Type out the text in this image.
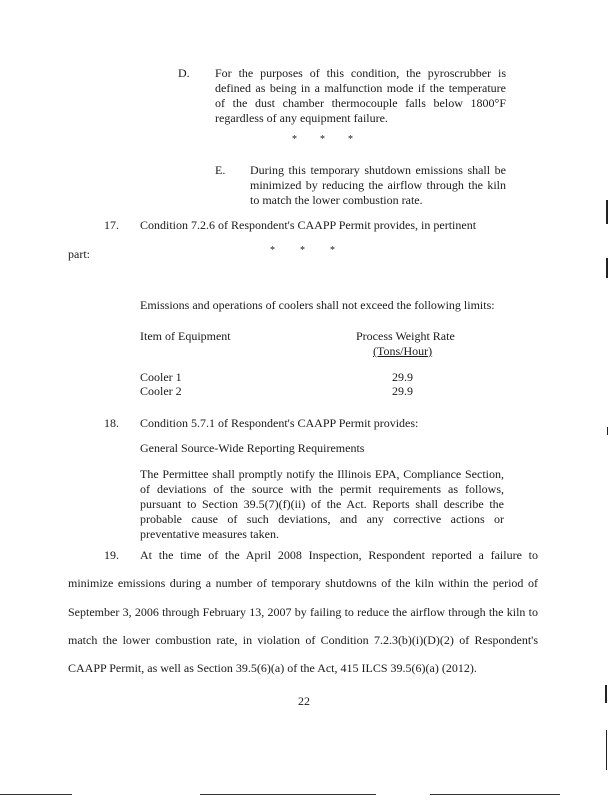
D. For the purposes of this condition, the pyroscrubber is defined as being in a malfunction mode if the temperature of the dust chamber thermocouple falls below 1800°F regardless of any equipment failure.
* * *
E. During this temporary shutdown emissions shall be minimized by reducing the airflow through the kiln to match the lower combustion rate.
17. Condition 7.2.6 of Respondent's CAAPP Permit provides, in pertinent
part:	*	*	*
Emissions and operations of coolers shall not exceed the following limits:
Item of Equipment	Process Weight Rate
(Tons/Hour)
Cooler 1	29.9
Cooler 2	29.9
18. Condition 5.7.1 of Respondent's CAAPP Permit provides:
General Source-Wide Reporting Requirements
The Permittee shall promptly notify the Illinois EPA, Compliance Section, of deviations of the source with the permit requirements as follows, pursuant to Section 39.5(7)(f)(ii) of the Act. Reports shall describe the probable cause of such deviations, and any corrective actions or preventative measures taken.
19. At the time of the April 2008 Inspection, Respondent reported a failure to
minimize emissions during a number of temporary shutdowns of the kiln within the period of
September 3, 2006 through February 13, 2007 by failing to reduce the airflow through the kiln to
match the lower combustion rate, in violation of Condition 7.2.3(b)(i)(D)(2) of Respondent's
CAAPP Permit, as well as Section 39.5(6)(a) of the Act, 415 ILCS 39.5(6)(a) (2012).
22
